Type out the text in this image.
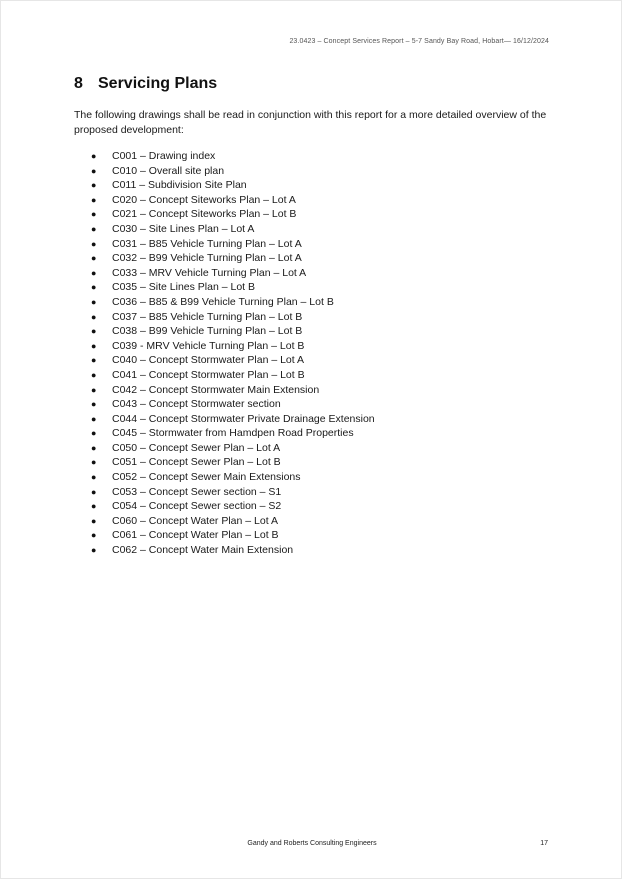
23.0423 – Concept Services Report – 5-7 Sandy Bay Road, Hobart— 16/12/2024
8 Servicing Plans
The following drawings shall be read in conjunction with this report for a more detailed overview of the proposed development:
● C001 – Drawing index
● C010 – Overall site plan
● C011 – Subdivision Site Plan
● C020 – Concept Siteworks Plan – Lot A
● C021 – Concept Siteworks Plan – Lot B
● C030 – Site Lines Plan – Lot A
● C031 – B85 Vehicle Turning Plan – Lot A
● C032 – B99 Vehicle Turning Plan – Lot A
● C033 – MRV Vehicle Turning Plan – Lot A
● C035 – Site Lines Plan – Lot B
● C036 – B85 & B99 Vehicle Turning Plan – Lot B
● C037 – B85 Vehicle Turning Plan – Lot B
● C038 – B99 Vehicle Turning Plan – Lot B
● C039 - MRV Vehicle Turning Plan – Lot B
● C040 – Concept Stormwater Plan – Lot A
● C041 – Concept Stormwater Plan – Lot B
● C042 – Concept Stormwater Main Extension
● C043 – Concept Stormwater section
● C044 – Concept Stormwater Private Drainage Extension
● C045 – Stormwater from Hamdpen Road Properties
● C050 – Concept Sewer Plan – Lot A
● C051 – Concept Sewer Plan – Lot B
● C052 – Concept Sewer Main Extensions
● C053 – Concept Sewer section – S1
● C054 – Concept Sewer section – S2
● C060 – Concept Water Plan – Lot A
● C061 – Concept Water Plan – Lot B
● C062 – Concept Water Main Extension
Gandy and Roberts Consulting Engineers	17
